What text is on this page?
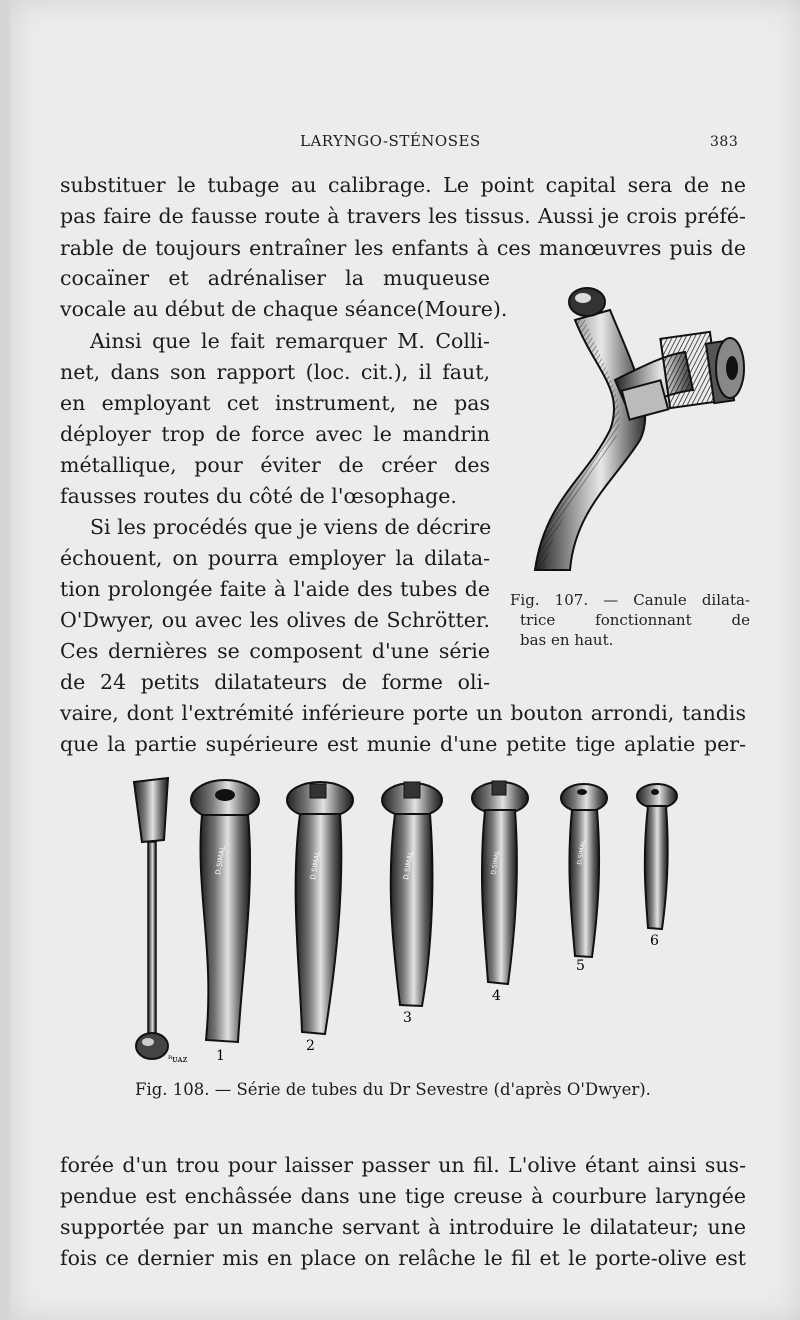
LARYNGO-STÉNOSES	383
substituer le tubage au calibrage. Le point capital sera de ne
pas faire de fausse route à travers les tissus. Aussi je crois préfé-
rable de toujours entraîner les enfants à ces manœuvres puis de
cocaïner et adrénaliser la muqueuse
vocale au début de chaque séance(Moure).
Ainsi que le fait remarquer M. Colli-
net, dans son rapport (loc. cit.), il faut,
en employant cet instrument, ne pas
déployer trop de force avec le mandrin
métallique, pour éviter de créer des
fausses routes du côté de l'œsophage.
Si les procédés que je viens de décrire
échouent, on pourra employer la dilata-
tion prolongée faite à l'aide des tubes de
O'Dwyer, ou avec les olives de Schrötter.
Ces dernières se composent d'une série
de 24 petits dilatateurs de forme oli-
vaire, dont l'extrémité inférieure porte un bouton arrondi, tandis
que la partie supérieure est munie d'une petite tige aplatie per-
D. SIMAL
Fig. 107. — Canule dilata-
trice fonctionnant de
bas en haut.
1
2
3
4
5
6
ᴿᴜᴀᴢ
D.SIMAL	D.SIMAL	D.SIMAL	D.SIMAL	D.SIMAL
Fig. 108. — Série de tubes du Dr Sevestre (d'après O'Dwyer).
forée d'un trou pour laisser passer un fil. L'olive étant ainsi sus-
pendue est enchâssée dans une tige creuse à courbure laryngée
supportée par un manche servant à introduire le dilatateur; une
fois ce dernier mis en place on relâche le fil et le porte-olive est
